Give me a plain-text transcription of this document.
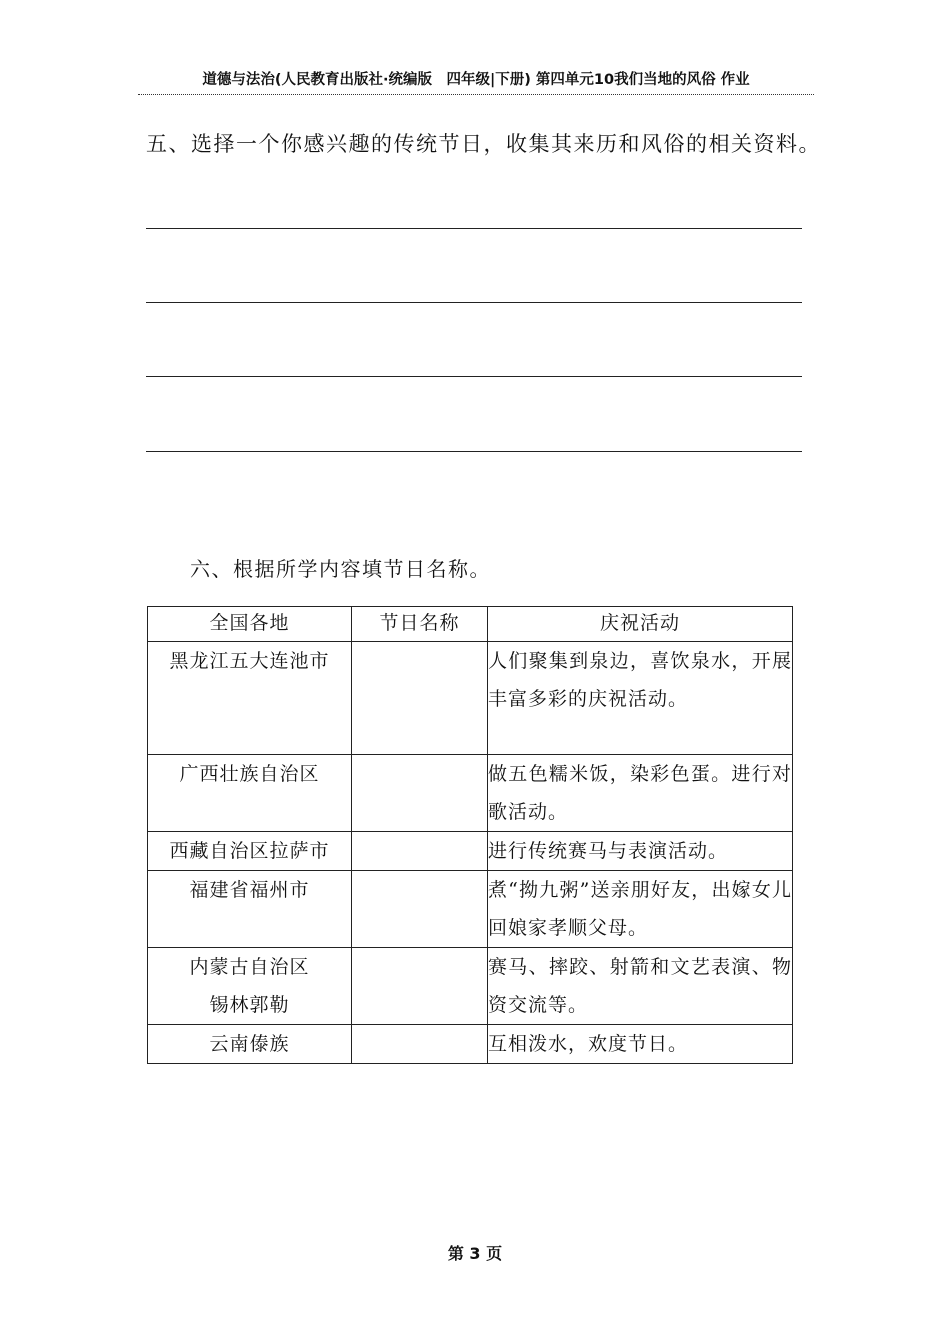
道德与法治(人民教育出版社·统编版　四年级|下册) 第四单元10我们当地的风俗 作业
五、选择一个你感兴趣的传统节日，收集其来历和风俗的相关资料。
六、根据所学内容填节日名称。
全国各地	节日名称	庆祝活动

黑龙江五大连池市		人们聚集到泉边，喜饮泉水，开展丰富多彩的庆祝活动。

广西壮族自治区		做五色糯米饭，染彩色蛋。进行对歌活动。

西藏自治区拉萨市		进行传统赛马与表演活动。

福建省福州市		煮“拗九粥”送亲朋好友，出嫁女儿回娘家孝顺父母。

内蒙古自治区
锡林郭勒		赛马、摔跤、射箭和文艺表演、物资交流等。

云南傣族		互相泼水，欢度节日。
第 3 页
